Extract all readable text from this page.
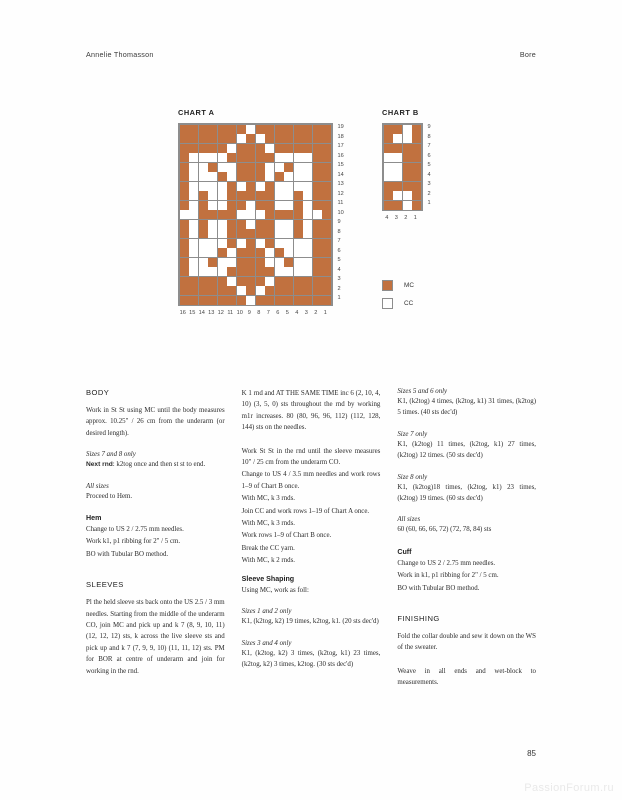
Annelie Thomasson	Bore
CHART A
16 15 14 13 12 11 10 9	8	7	6	5	4	3	2	1
19
18
17
16
15
14
13
12
11
10
9
8
7
6
5
4
3
2
1
CHART B
4	3	2	1
9
8
7
6
5
4
3
2
1
MC
CC
BODY

Work in St St using MC until the body measures approx. 10.25" / 26 cm from the underarm (or desired length).

Sizes 7 and 8 only

Next rnd: k2tog once and then st st to end.

All sizes

Proceed to Hem.

Hem

Change to US 2 / 2.75 mm needles.

Work k1, p1 ribbing for 2" / 5 cm.

BO with Tubular BO method.

SLEEVES

Pl the held sleeve sts back onto the US 2.5 / 3 mm needles. Starting from the middle of the underarm CO, join MC and pick up and k 7 (8, 9, 10, 11) (12, 12, 12) sts, k across the live sleeve sts and pick up and k 7 (7, 9, 9, 10) (11, 11, 12) sts. PM for BOR at centre of underarm and join for working in the rnd.

K 1 rnd and AT THE SAME TIME inc 6 (2, 10, 4, 10) (3, 5, 0) sts throughout the rnd by working m1r increases. 80 (80, 96, 96, 112) (112, 128, 144) sts on the needles.

Work St St in the rnd until the sleeve measures 10" / 25 cm from the underarm CO.

Change to US 4 / 3.5 mm needles and work rows 1–9 of Chart B once.

With MC, k 3 rnds.

Join CC and work rows 1–19 of Chart A once.

With MC, k 3 rnds.

Work rows 1–9 of Chart B once.

Break the CC yarn.

With MC, k 2 rnds.

Sleeve Shaping

Using MC, work as foll:

Sizes 1 and 2 only

K1, (k2tog, k2) 19 times, k2tog, k1. (20 sts dec'd)

Sizes 3 and 4 only

K1, (k2tog, k2) 3 times, (k2tog, k1) 23 times, (k2tog, k2) 3 times, k2tog. (30 sts dec'd)

Sizes 5 and 6 only

K1, (k2tog) 4 times, (k2tog, k1) 31 times, (k2tog) 5 times. (40 sts dec'd)

Size 7 only

K1, (k2tog) 11 times, (k2tog, k1) 27 times, (k2tog) 12 times. (50 sts dec'd)

Size 8 only

K1, (k2tog)18 times, (k2tog, k1) 23 times, (k2tog) 19 times. (60 sts dec'd)

All sizes

60 (60, 66, 66, 72) (72, 78, 84) sts

Cuff

Change to US 2 / 2.75 mm needles.

Work in k1, p1 ribbing for 2" / 5 cm.

BO with Tubular BO method.

FINISHING

Fold the collar double and sew it down on the WS of the sweater.

Weave in all ends and wet-block to measurements.

85
PassionForum.ru
